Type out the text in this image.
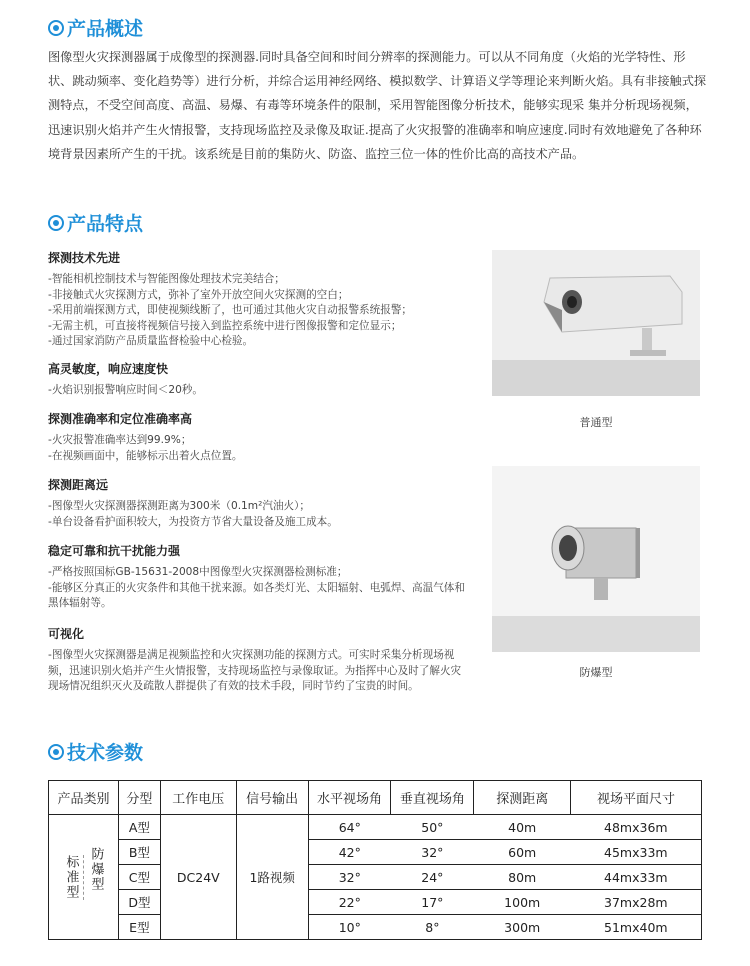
产品概述
图像型火灾探测器属于成像型的探测器.同时具备空间和时间分辨率的探测能力。可以从不同角度（火焰的光学特性、形状、跳动频率、变化趋势等）进行分析，并综合运用神经网络、模拟数学、计算语义学等理论来判断火焰。具有非接触式探测特点，不受空间高度、高温、易爆、有毒等环境条件的限制，采用智能图像分析技术，能够实现采 集并分析现场视频，迅速识别火焰并产生火情报警，支持现场监控及录像及取证.提高了火灾报警的准确率和响应速度.同时有效地避免了各种环境背景因素所产生的干扰。该系统是目前的集防火、防盗、监控三位一体的性价比高的高技术产品。
产品特点
探测技术先进

-智能相机控制技术与智能图像处理技术完美结合；

-非接触式火灾探测方式，弥补了室外开放空间火灾探测的空白；

-采用前端探测方式，即使视频线断了，也可通过其他火灾自动报警系统报警；

-无需主机，可直接将视频信号接入到监控系统中进行图像报警和定位显示；

-通过国家消防产品质量监督检验中心检验。

高灵敏度，响应速度快

-火焰识别报警响应时间＜20秒。

探测准确率和定位准确率高

-火灾报警准确率达到99.9%；

-在视频画面中，能够标示出着火点位置。

探测距离远

-图像型火灾探测器探测距离为300米（0.1m²汽油火）；

-单台设备看护面积较大，为投资方节省大量设备及施工成本。

稳定可靠和抗干扰能力强

-严格按照国标GB-15631-2008中图像型火灾探测器检测标准；

-能够区分真正的火灾条件和其他干扰来源。如各类灯光、太阳辐射、电弧焊、高温气体和黑体辐射等。

可视化

-图像型火灾探测器是满足视频监控和火灾探测功能的探测方式。可实时采集分析现场视频，迅速识别火焰并产生火情报警，支持现场监控与录像取证。为指挥中心及时了解火灾现场情况组织灭火及疏散人群提供了有效的技术手段，同时节约了宝贵的时间。

普通型
防爆型
技术参数
产品类别	分型	工作电压	信号输出	水平视场角	垂直视场角	探测距离	视场平面尺寸

标准型 防爆型	A型	DC24V	1路视频	64°	50°	40m	48mx36m
	B型			42°	32°	60m	45mx33m
	C型			32°	24°	80m	44mx33m
	D型			22°	17°	100m	37mx28m
	E型			10°	8°	300m	51mx40m
